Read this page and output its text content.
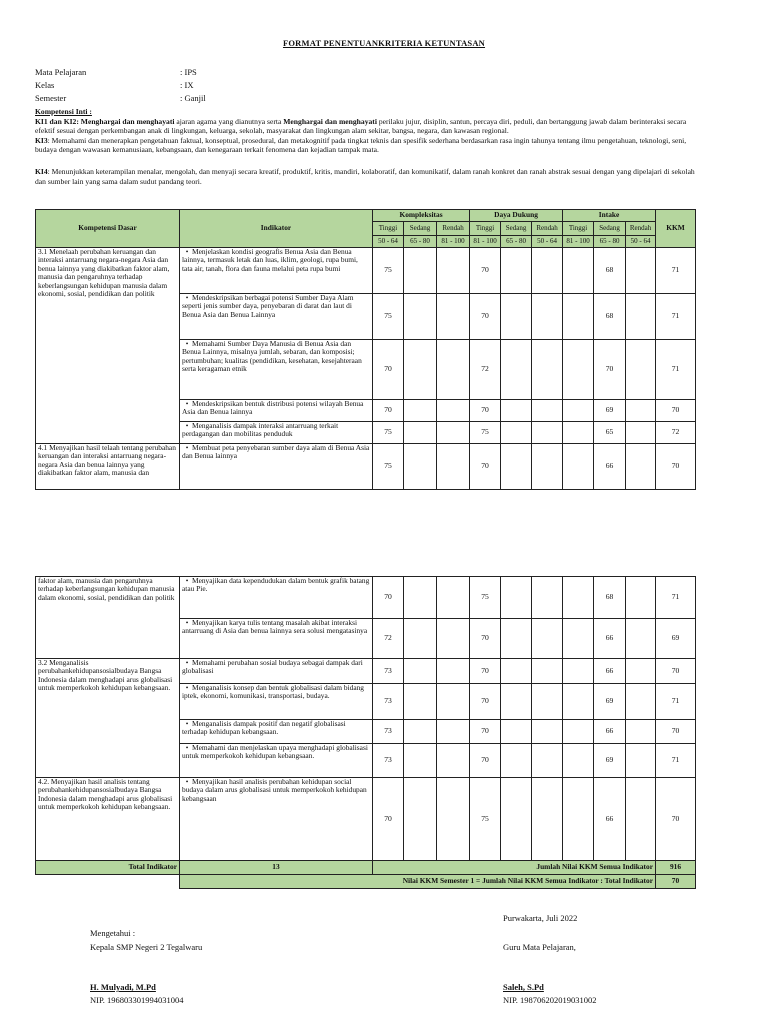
FORMAT PENENTUANKRITERIA KETUNTASAN
Mata Pelajaran	: IPS
Kelas	: IX
Semester	: Ganjil
Kompetensi Inti :
KI1 dan KI2: Menghargai dan menghayati ajaran agama yang dianutnya serta Menghargai dan menghayati perilaku jujur, disiplin, santun, percaya diri, peduli, dan bertanggung jawab dalam berinteraksi secara efektif sesuai dengan perkembangan anak di lingkungan, keluarga, sekolah, masyarakat dan lingkungan alam sekitar, bangsa, negara, dan kawasan regional.
KI3: Memahami dan menerapkan pengetahuan faktual, konseptual, prosedural, dan metakognitif pada tingkat teknis dan spesifik sederhana berdasarkan rasa ingin tahunya tentang ilmu pengetahuan, teknologi, seni, budaya dengan wawasan kemanusiaan, kebangsaan, dan kenegaraan terkait fenomena dan kejadian tampak mata.
KI4: Menunjukkan keterampilan menalar, mengolah, dan menyaji secara kreatif, produktif, kritis, mandiri, kolaboratif, dan komunikatif, dalam ranah konkret dan ranah abstrak sesuai dengan yang dipelajari di sekolah dan sumber lain yang sama dalam sudut pandang teori.
Kompetensi Dasar	Indikator	Kompleksitas			Daya Dukung			Intake			KKM
		Tinggi	Sedang	Rendah	Tinggi	Sedang	Rendah	Tinggi	Sedang	Rendah	
		50 - 64	65 - 80	81 - 100	81 - 100	65 - 80	50 - 64	81 - 100	65 - 80	50 - 64	
3.1 Menelaah perubahan keruangan dan interaksi antarruang negara-negara Asia dan benua lainnya yang diakibatkan faktor alam, manusia dan pengaruhnya terhadap keberlangsungan kehidupan manusia dalam ekonomi, sosial, pendidikan dan politik	• Menjelaskan kondisi geografis Benua Asia dan Benua lainnya, termasuk letak dan luas, iklim, geologi, rupa bumi, tata air, tanah, flora dan fauna melalui peta rupa bumi	75			70				68		71
	• Mendeskripsikan berbagai potensi Sumber Daya Alam seperti jenis sumber daya, penyebaran di darat dan laut di Benua Asia dan Benua Lainnya	75			70				68		71
	• Memahami Sumber Daya Manusia di Benua Asia dan Benua Lainnya, misalnya jumlah, sebaran, dan komposisi; pertumbuhan; kualitas (pendidikan, kesehatan, kesejahteraan serta keragaman etnik	70			72				70		71
	• Mendeskripsikan bentuk distribusi potensi wilayah Benua Asia dan Benua lainnya	70			70				69		70
	• Menganalisis dampak interaksi antarruang terkait perdagangan dan mobilitas penduduk	75			75				65		72
4.1 Menyajikan hasil telaah tentang perubahan keruangan dan interaksi antarruang negara-negara Asia dan benua lainnya yang diakibatkan faktor alam, manusia dan	• Membuat peta penyebaran sumber daya alam di Benua Asia dan Benua lainnya	75			70				66		70
faktor alam, manusia dan pengaruhnya terhadap keberlangsungan kehidupan manusia dalam ekonomi, sosial, pendidikan dan politik	• Menyajikan data kependudukan dalam bentuk grafik batang atau Pie.	70			75				68		71
	• Menyajikan karya tulis tentang masalah akibat interaksi antarruang di Asia dan benua lainnya sera solusi mengatasinya	72			70				66		69
3.2 Menganalisis perubahankehidupansosialbudaya Bangsa Indonesia dalam menghadapi arus globalisasi untuk memperkokoh kehidupan kebangsaan.	• Memahami perubahan sosial budaya sebagai dampak dari globalisasi	73			70				66		70
	• Menganalisis konsep dan bentuk globalisasi dalam bidang iptek, ekonomi, komunikasi, transportasi, budaya.	73			70				69		71
	• Menganalisis dampak positif dan negatif globalisasi terhadap kehidupan kebangsaan.	73			70				66		70
	• Memahami dan menjelaskan upaya menghadapi globalisasi untuk memperkokoh kehidupan kebangsaan.	73			70				69		71
4.2. Menyajikan hasil analisis tentang perubahankehidupansosialbudaya Bangsa Indonesia dalam menghadapi arus globalisasi untuk memperkokoh kehidupan kebangsaan.	• Menyajikan hasil analisis perubahan kehidupan social budaya dalam arus globalisasi untuk memperkokoh kehidupan kebangsaan	70			75				66		70
Total Indikator	13	Jumlah Nilai KKM Semua Indikator									916
	Nilai KKM Semester 1 = Jumlah Nilai KKM Semua Indikator : Total Indikator										70
Purwakarta, Juli 2022
Mengetahui :
Kepala SMP Negeri 2 Tegalwaru	Guru Mata Pelajaran,
H. Mulyadi, M.Pd
NIP. 196803301994031004
Saleh, S.Pd
NIP. 198706202019031002
